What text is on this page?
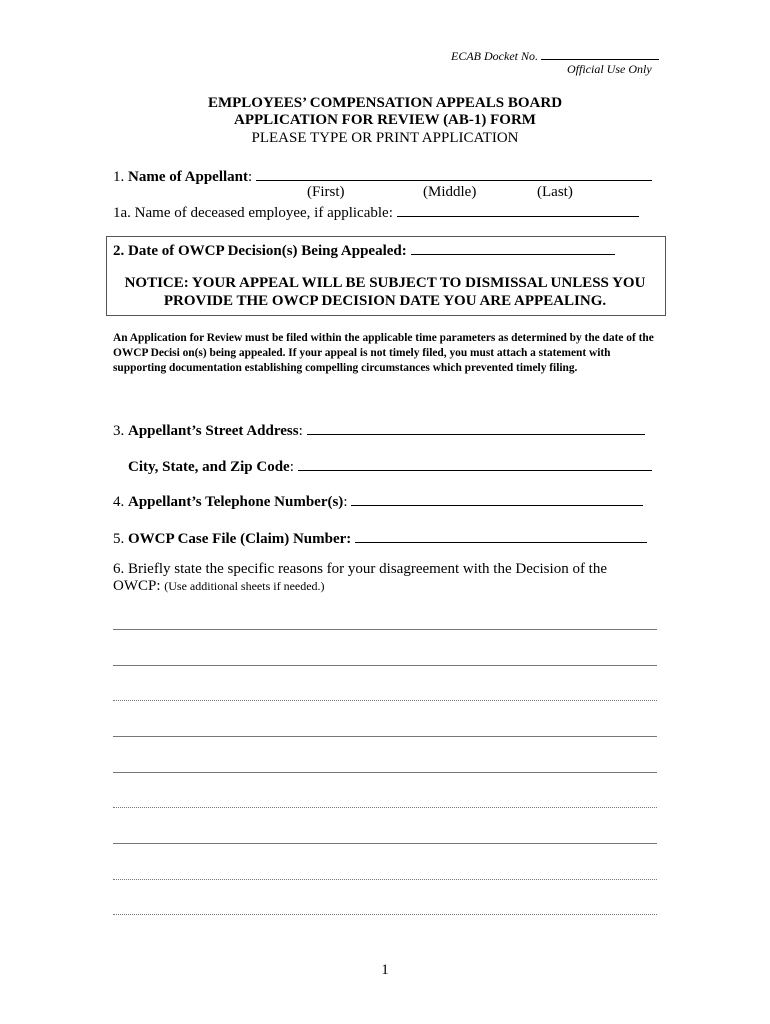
ECAB Docket No.
Official Use Only
EMPLOYEES’ COMPENSATION APPEALS BOARD
APPLICATION FOR REVIEW (AB-1) FORM
PLEASE TYPE OR PRINT APPLICATION
1. Name of Appellant:
(First)	(Middle)	(Last)
1a. Name of deceased employee, if applicable:
2. Date of OWCP Decision(s) Being Appealed:
NOTICE: YOUR APPEAL WILL BE SUBJECT TO DISMISSAL UNLESS YOU
PROVIDE THE OWCP DECISION DATE YOU ARE APPEALING.
An Application for Review must be filed within the applicable time parameters as determined by the date of the OWCP Decisi on(s) being appealed. If your appeal is not timely filed, you must attach a statement with supporting documentation establishing compelling circumstances which prevented timely filing.
3. Appellant’s Street Address:
City, State, and Zip Code:
4. Appellant’s Telephone Number(s):
5. OWCP Case File (Claim) Number:
6. Briefly state the specific reasons for your disagreement with the Decision of the
OWCP: (Use additional sheets if needed.)
1
